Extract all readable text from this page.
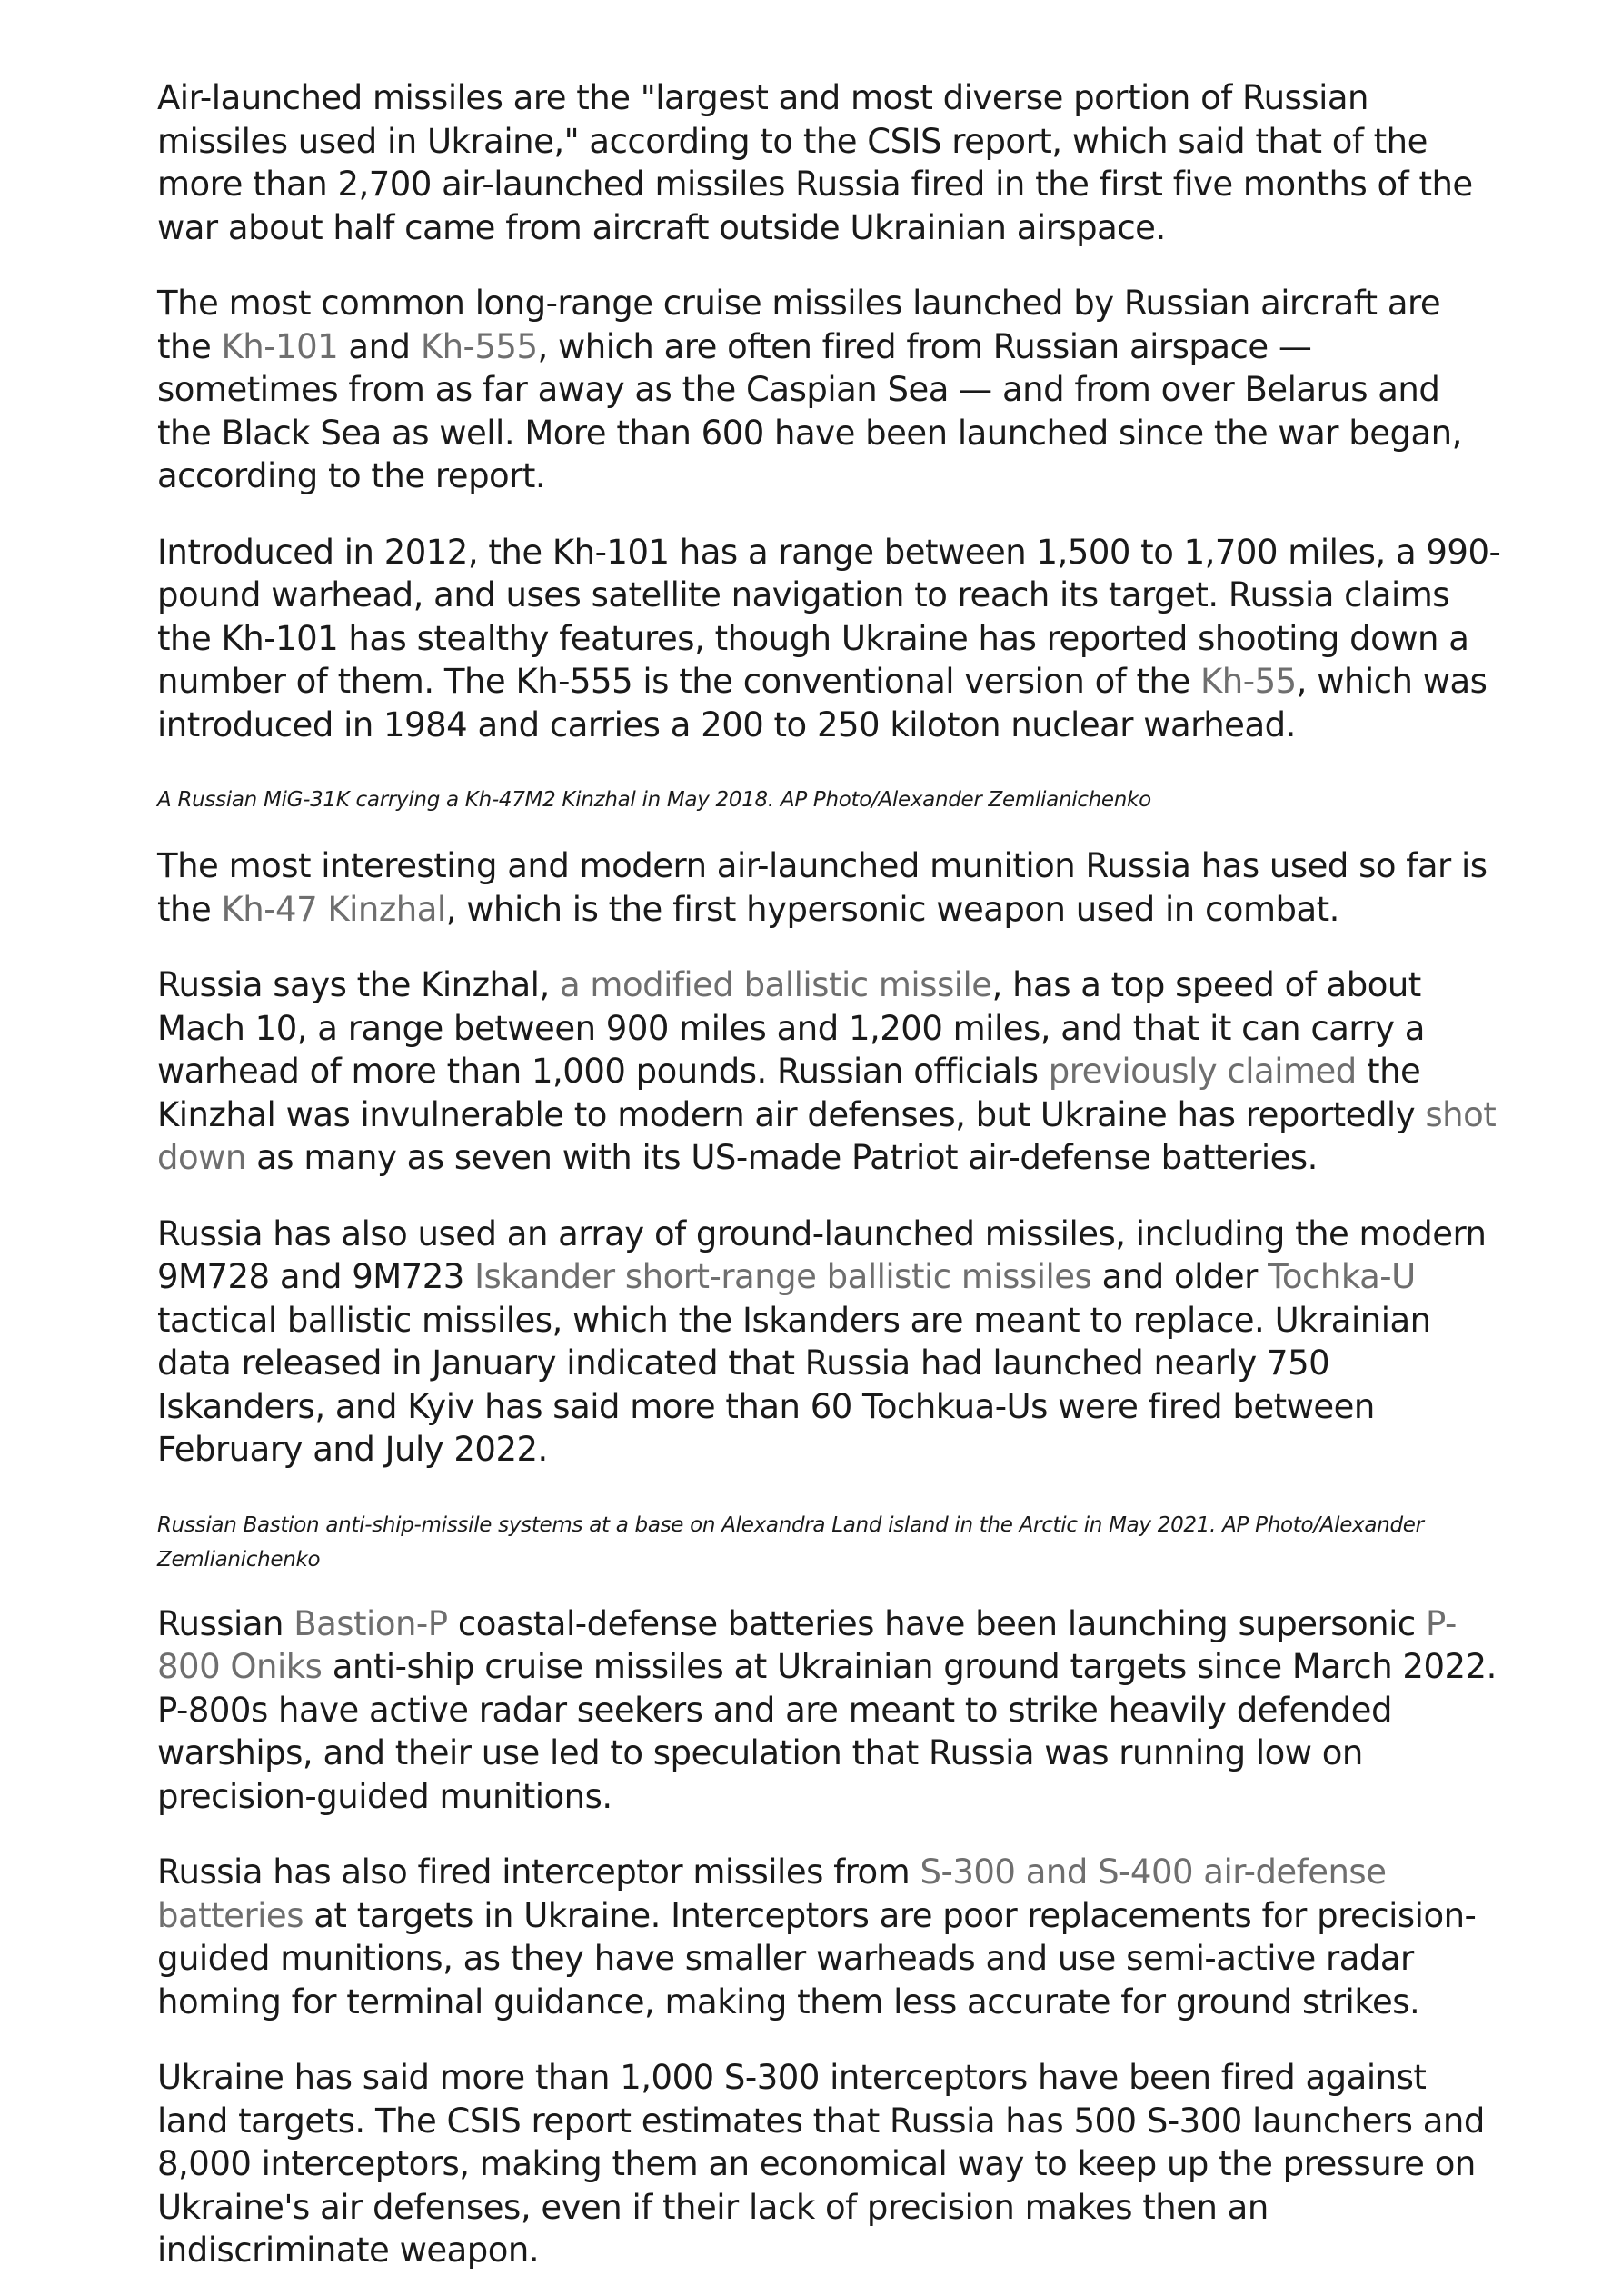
Air-launched missiles are the "largest and most diverse portion of Russian missiles used in Ukraine," according to the CSIS report, which said that of the more than 2,700 air-launched missiles Russia fired in the first five months of the war about half came from aircraft outside Ukrainian airspace.

The most common long-range cruise missiles launched by Russian aircraft are the Kh-101 and Kh-555, which are often fired from Russian airspace — sometimes from as far away as the Caspian Sea — and from over Belarus and the Black Sea as well. More than 600 have been launched since the war began, according to the report.

Introduced in 2012, the Kh-101 has a range between 1,500 to 1,700 miles, a 990-pound warhead, and uses satellite navigation to reach its target. Russia claims the Kh-101 has stealthy features, though Ukraine has reported shooting down a number of them. The Kh-555 is the conventional version of the Kh-55, which was introduced in 1984 and carries a 200 to 250 kiloton nuclear warhead.

A Russian MiG-31K carrying a Kh-47M2 Kinzhal in May 2018. AP Photo/Alexander Zemlianichenko

The most interesting and modern air-launched munition Russia has used so far is the Kh-47 Kinzhal, which is the first hypersonic weapon used in combat.

Russia says the Kinzhal, a modified ballistic missile, has a top speed of about Mach 10, a range between 900 miles and 1,200 miles, and that it can carry a warhead of more than 1,000 pounds. Russian officials previously claimed the Kinzhal was invulnerable to modern air defenses, but Ukraine has reportedly shot down as many as seven with its US-made Patriot air-defense batteries.

Russia has also used an array of ground-launched missiles, including the modern 9M728 and 9M723 Iskander short-range ballistic missiles and older Tochka-U tactical ballistic missiles, which the Iskanders are meant to replace. Ukrainian data released in January indicated that Russia had launched nearly 750 Iskanders, and Kyiv has said more than 60 Tochkua-Us were fired between February and July 2022.

Russian Bastion anti-ship-missile systems at a base on Alexandra Land island in the Arctic in May 2021. AP Photo/Alexander Zemlianichenko

Russian Bastion-P coastal-defense batteries have been launching supersonic P-800 Oniks anti-ship cruise missiles at Ukrainian ground targets since March 2022. P-800s have active radar seekers and are meant to strike heavily defended warships, and their use led to speculation that Russia was running low on precision-guided munitions.

Russia has also fired interceptor missiles from S-300 and S-400 air-defense batteries at targets in Ukraine. Interceptors are poor replacements for precision-guided munitions, as they have smaller warheads and use semi-active radar homing for terminal guidance, making them less accurate for ground strikes.

Ukraine has said more than 1,000 S-300 interceptors have been fired against land targets. The CSIS report estimates that Russia has 500 S-300 launchers and 8,000 interceptors, making them an economical way to keep up the pressure on Ukraine's air defenses, even if their lack of precision makes then an indiscriminate weapon.
